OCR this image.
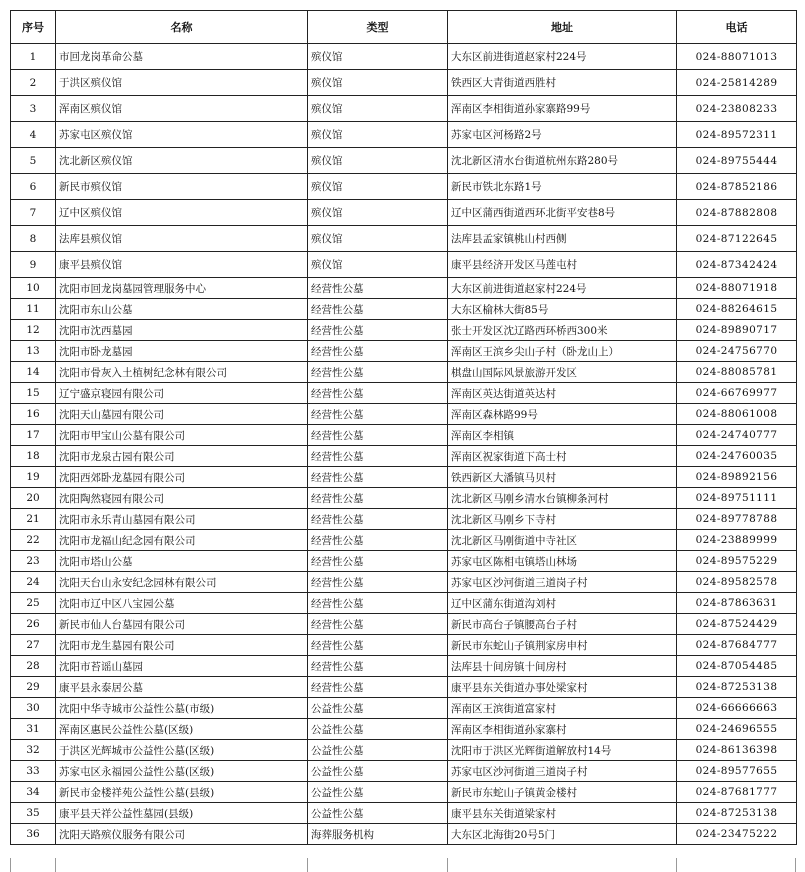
序号	名称	类型	地址	电话
1	市回龙岗革命公墓	殡仪馆	大东区前进街道赵家村224号	024-88071013
2	于洪区殡仪馆	殡仪馆	铁西区大青街道西胜村	024-25814289
3	浑南区殡仪馆	殡仪馆	浑南区李相街道孙家寨路99号	024-23808233
4	苏家屯区殡仪馆	殡仪馆	苏家屯区河杨路2号	024-89572311
5	沈北新区殡仪馆	殡仪馆	沈北新区清水台街道杭州东路280号	024-89755444
6	新民市殡仪馆	殡仪馆	新民市铁北东路1号	024-87852186
7	辽中区殡仪馆	殡仪馆	辽中区蒲西街道西环北街平安巷8号	024-87882808
8	法库县殡仪馆	殡仪馆	法库县孟家镇桃山村西侧	024-87122645
9	康平县殡仪馆	殡仪馆	康平县经济开发区马莲屯村	024-87342424
10	沈阳市回龙岗墓园管理服务中心	经营性公墓	大东区前进街道赵家村224号	024-88071918
11	沈阳市东山公墓	经营性公墓	大东区榆林大街85号	024-88264615
12	沈阳市沈西墓园	经营性公墓	张士开发区沈辽路西环桥西300米	024-89890717
13	沈阳市卧龙墓园	经营性公墓	浑南区王滨乡尖山子村（卧龙山上）	024-24756770
14	沈阳市骨灰入土植树纪念林有限公司	经营性公墓	棋盘山国际风景旅游开发区	024-88085781
15	辽宁盛京寝园有限公司	经营性公墓	浑南区英达街道英达村	024-66769977
16	沈阳天山墓园有限公司	经营性公墓	浑南区森林路99号	024-88061008
17	沈阳市甲宝山公墓有限公司	经营性公墓	浑南区李相镇	024-24740777
18	沈阳市龙泉古园有限公司	经营性公墓	浑南区祝家街道下高士村	024-24760035
19	沈阳西郊卧龙墓园有限公司	经营性公墓	铁西新区大潘镇马贝村	024-89892156
20	沈阳陶然寝园有限公司	经营性公墓	沈北新区马刚乡清水台镇柳条河村	024-89751111
21	沈阳市永乐青山墓园有限公司	经营性公墓	沈北新区马刚乡下寺村	024-89778788
22	沈阳市龙福山纪念园有限公司	经营性公墓	沈北新区马刚街道中寺社区	024-23889999
23	沈阳市塔山公墓	经营性公墓	苏家屯区陈相屯镇塔山林场	024-89575229
24	沈阳天台山永安纪念园林有限公司	经营性公墓	苏家屯区沙河街道三道岗子村	024-89582578
25	沈阳市辽中区八宝园公墓	经营性公墓	辽中区蒲东街道沟刘村	024-87863631
26	新民市仙人台墓园有限公司	经营性公墓	新民市高台子镇腰高台子村	024-87524429
27	沈阳市龙生墓园有限公司	经营性公墓	新民市东蛇山子镇荆家房申村	024-87684777
28	沈阳市苔谣山墓园	经营性公墓	法库县十间房镇十间房村	024-87054485
29	康平县永泰居公墓	经营性公墓	康平县东关街道办事处梁家村	024-87253138
30	沈阳中华寺城市公益性公墓(市级)	公益性公墓	浑南区王滨街道富家村	024-66666663
31	浑南区惠民公益性公墓(区级)	公益性公墓	浑南区李相街道孙家寨村	024-24696555
32	于洪区光辉城市公益性公墓(区级)	公益性公墓	沈阳市于洪区光辉街道解放村14号	024-86136398
33	苏家屯区永福园公益性公墓(区级)	公益性公墓	苏家屯区沙河街道三道岗子村	024-89577655
34	新民市金楼祥苑公益性公墓(县级)	公益性公墓	新民市东蛇山子镇黄金楼村	024-87681777
35	康平县天祥公益性墓园(县级)	公益性公墓	康平县东关街道梁家村	024-87253138
36	沈阳天路殡仪服务有限公司	海葬服务机构	大东区北海街20号5门	024-23475222
